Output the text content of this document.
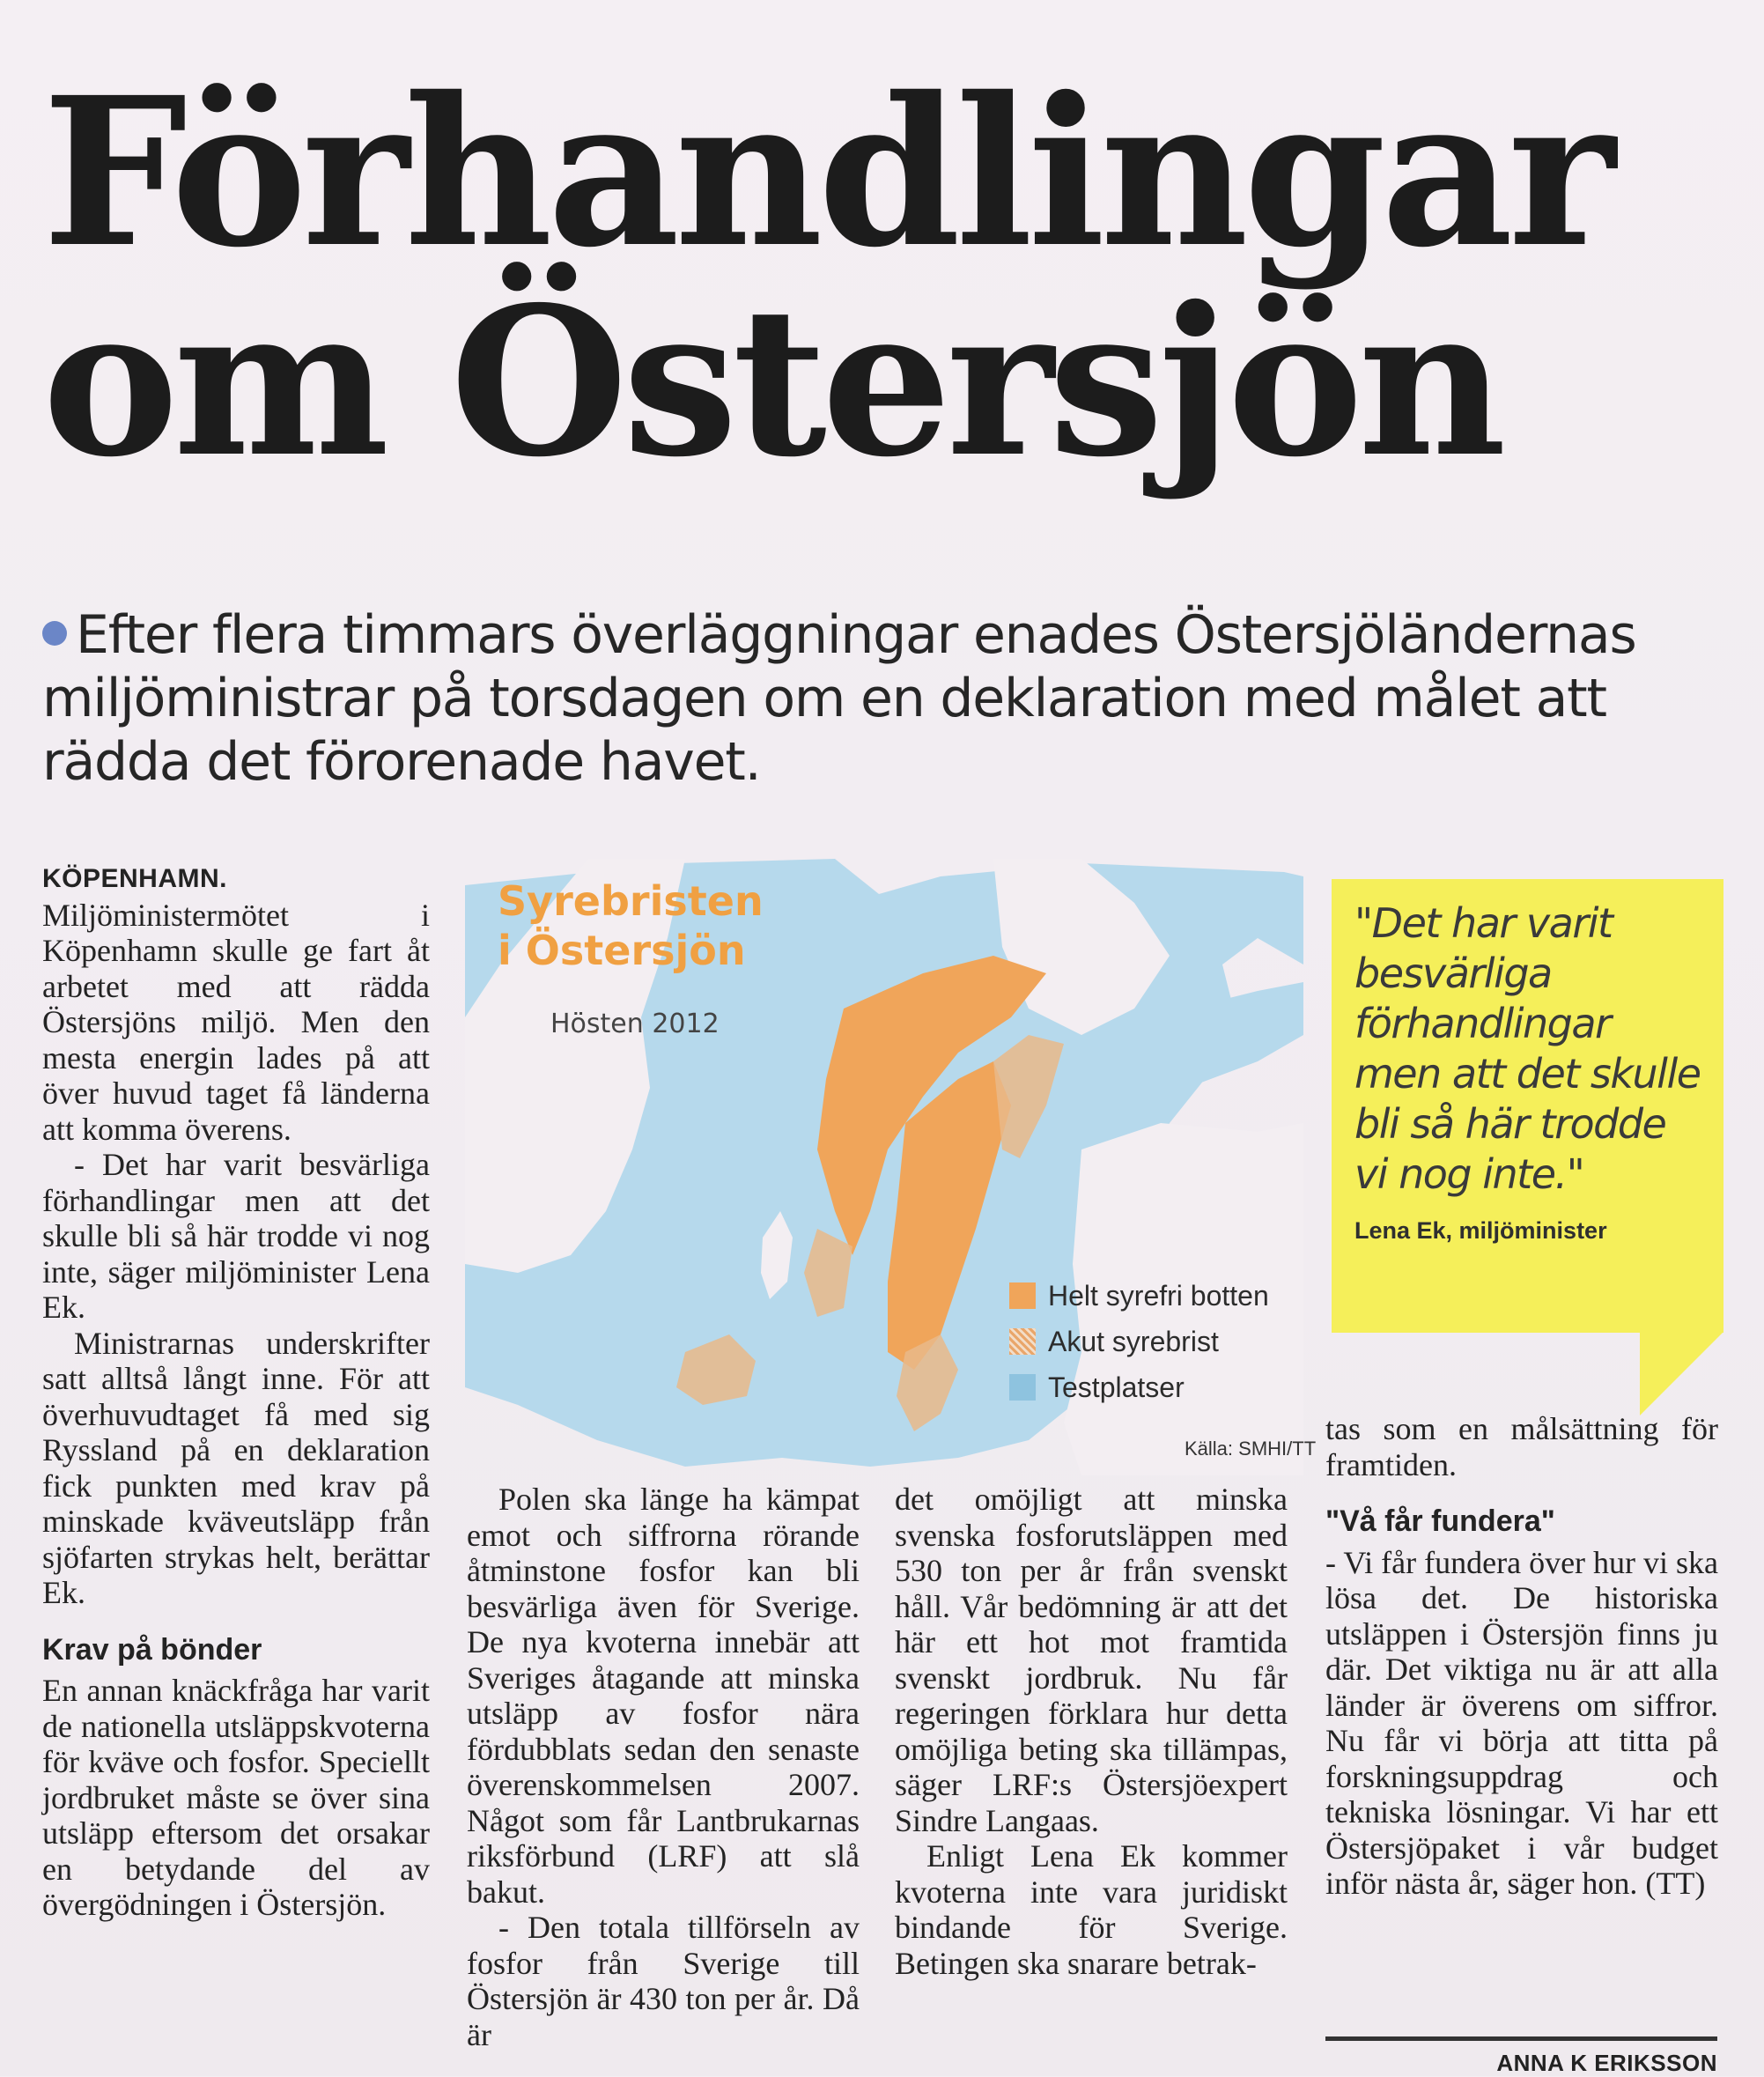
Förhandlingar
om Östersjön
Efter flera timmars överläggningar enades Östersjöländernas miljöministrar på torsdagen om en deklaration med målet att rädda det förorenade havet.

KÖPENHAMN. Miljöministermötet i Köpenhamn skulle ge fart åt arbetet med att rädda Östersjöns miljö. Men den mesta energin lades på att över huvud taget få länderna att komma överens.

- Det har varit besvärliga förhandlingar men att det skulle bli så här trodde vi nog inte, säger miljöminister Lena Ek.

Ministrarnas underskrifter satt alltså långt inne. För att överhuvudtaget få med sig Ryssland på en deklaration fick punkten med krav på minskade kväveutsläpp från sjöfarten strykas helt, berättar Ek.

Krav på bönder

En annan knäckfråga har varit de nationella utsläppskvoterna för kväve och fosfor. Speciellt jordbruket måste se över sina utsläpp eftersom det orsakar en betydande del av övergödningen i Östersjön.

Polen ska länge ha kämpat emot och siffrorna rörande åtminstone fosfor kan bli besvärliga även för Sverige. De nya kvoterna innebär att Sveriges åtagande att minska utsläpp av fosfor nära fördubblats sedan den senaste överenskommelsen 2007. Något som får Lantbrukarnas riksförbund (LRF) att slå bakut.

- Den totala tillförseln av fosfor från Sverige till Östersjön är 430 ton per år. Då är

det omöjligt att minska svenska fosforutsläppen med 530 ton per år från svenskt håll. Vår bedömning är att det här ett hot mot framtida svenskt jordbruk. Nu får regeringen förklara hur detta omöjliga beting ska tillämpas, säger LRF:s Östersjöexpert Sindre Langaas.

Enligt Lena Ek kommer kvoterna inte vara juridiskt bindande för Sverige. Betingen ska snarare betrak-

tas som en målsättning för framtiden.

"Vå får fundera"

- Vi får fundera över hur vi ska lösa det. De historiska utsläppen i Östersjön finns ju där. Det viktiga nu är att alla länder är överens om siffror. Nu får vi börja att titta på forskningsuppdrag och tekniska lösningar. Vi har ett Östersjöpaket i vår budget inför nästa år, säger hon. (TT)

ANNA K ERIKSSON
Syrebristen
i Östersjön
Hösten 2012
Helt syrefri botten
Akut syrebrist
Testplatser
Källa: SMHI/TT
"Det har varit besvärliga förhandlingar men att det skulle bli så här trodde vi nog inte."
Lena Ek, miljöminister
